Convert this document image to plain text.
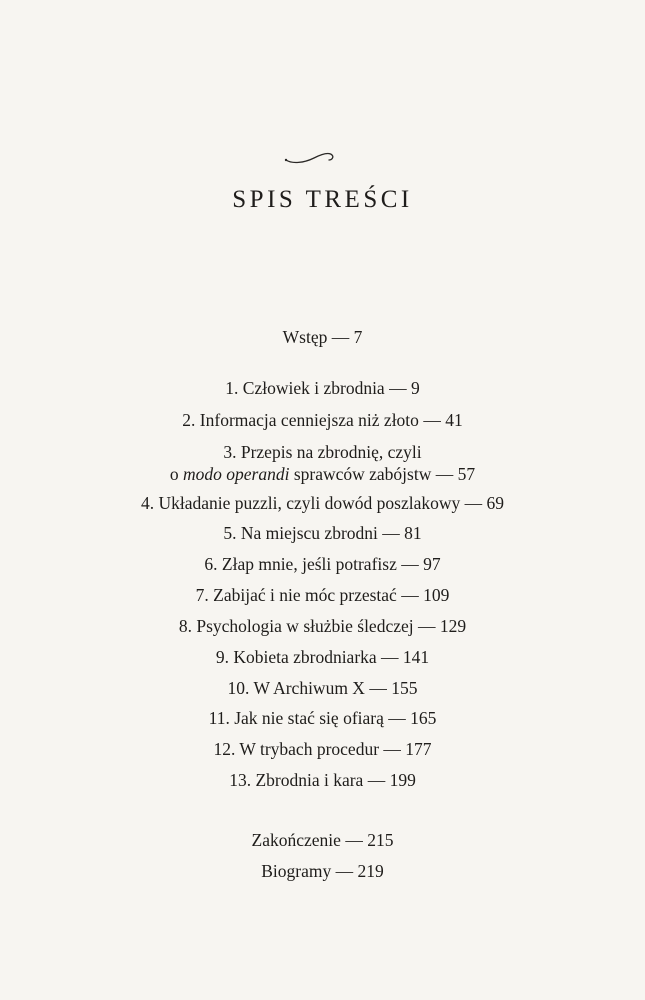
SPIS TREŚCI
Wstęp — 7
1. Człowiek i zbrodnia — 9
2. Informacja cenniejsza niż złoto — 41
3. Przepis na zbrodnię, czyli
o modo operandi sprawców zabójstw — 57
4. Układanie puzzli, czyli dowód poszlakowy — 69
5. Na miejscu zbrodni — 81
6. Złap mnie, jeśli potrafisz — 97
7. Zabijać i nie móc przestać — 109
8. Psychologia w służbie śledczej — 129
9. Kobieta zbrodniarka — 141
10. W Archiwum X — 155
11. Jak nie stać się ofiarą — 165
12. W trybach procedur — 177
13. Zbrodnia i kara — 199
Zakończenie — 215
Biogramy — 219
